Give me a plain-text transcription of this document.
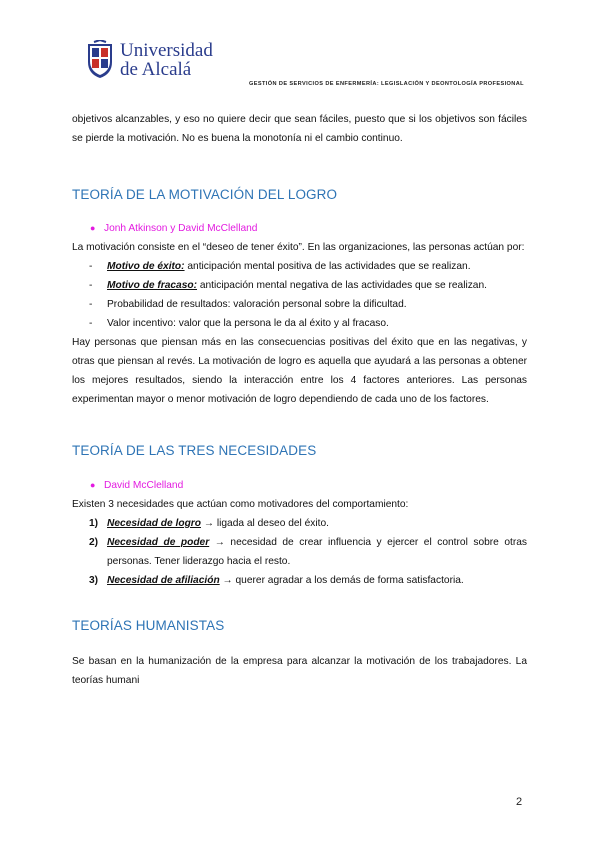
Universidad
de Alcalá
GESTIÓN DE SERVICIOS DE ENFERMERÍA: LEGISLACIÓN Y DEONTOLOGÍA PROFESIONAL

objetivos alcanzables, y eso no quiere decir que sean fáciles, puesto que si los objetivos son fáciles se pierde la motivación. No es buena la monotonía ni el cambio continuo.

TEORÍA DE LA MOTIVACIÓN DEL LOGRO
● Jonh Atkinson y David McClelland

La motivación consiste en el “deseo de tener éxito”. En las organizaciones, las personas actúan por:

-	Motivo de éxito: anticipación mental positiva de las actividades que se realizan.
-	Motivo de fracaso: anticipación mental negativa de las actividades que se realizan.
-	Probabilidad de resultados: valoración personal sobre la dificultad.
-	Valor incentivo: valor que la persona le da al éxito y al fracaso.

Hay personas que piensan más en las consecuencias positivas del éxito que en las negativas, y otras que piensan al revés. La motivación de logro es aquella que ayudará a las personas a obtener los mejores resultados, siendo la interacción entre los 4 factores anteriores. Las personas experimentan mayor o menor motivación de logro dependiendo de cada uno de los factores.

TEORÍA DE LAS TRES NECESIDADES
● David McClelland

Existen 3 necesidades que actúan como motivadores del comportamiento:

1) Necesidad de logro → ligada al deseo del éxito.
2) Necesidad de poder → necesidad de crear influencia y ejercer el control sobre otras personas. Tener liderazgo hacia el resto.
3) Necesidad de afiliación → querer agradar a los demás de forma satisfactoria.
TEORÍAS HUMANISTAS

Se basan en la humanización de la empresa para alcanzar la motivación de los trabajadores. La teorías humani

2
